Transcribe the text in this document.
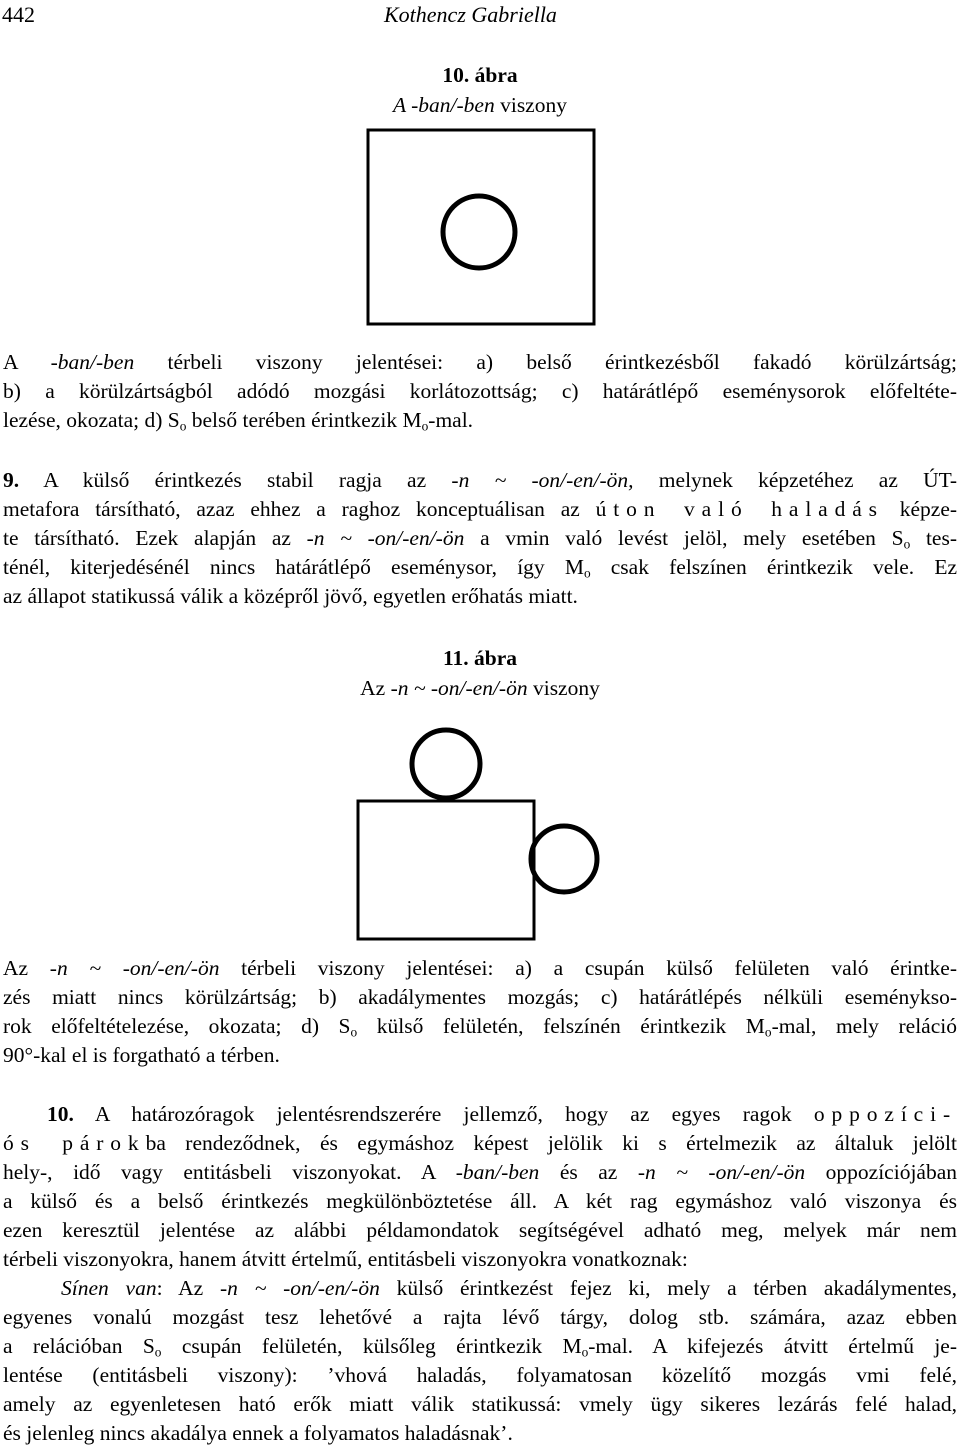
442	Kothencz Gabriella
10. ábra
A -ban/-ben viszony
A -ban/-ben térbeli viszony jelentései: a) belső érintkezésből fakadó körülzártság;
b) a körülzártságból adódó mozgási korlátozottság; c) határátlépő eseménysorok előfeltéte-
lezése, okozata; d) $S_o$ belső terében érintkezik $M_o$-mal.
9. A külső érintkezés stabil ragja az -n ~ -on/-en/-ön, melynek képzetéhez az ÚT-
metafora társítható, azaz ehhez a raghoz konceptuálisan az úton való haladás képze-
te társítható. Ezek alapján az -n ~ -on/-en/-ön a vmin való levést jelöl, mely esetében $S_o$ tes-
ténél, kiterjedésénél nincs határátlépő eseménysor, így $M_o$ csak felszínen érintkezik vele. Ez
az állapot statikussá válik a középről jövő, egyetlen erőhatás miatt.
11. ábra
Az -n ~ -on/-en/-ön viszony
Az -n ~ -on/-en/-ön térbeli viszony jelentései: a) a csupán külső felületen való érintke-
zés miatt nincs körülzártság; b) akadálymentes mozgás; c) határátlépés nélküli eseménykso-
rok előfeltételezése, okozata; d) $S_o$ külső felületén, felszínén érintkezik $M_o$-mal, mely reláció
90°-kal el is forgatható a térben.
10. A határozóragok jelentésrendszerére jellemző, hogy az egyes ragok oppozíci-
ós párokba rendeződnek, és egymáshoz képest jelölik ki s értelmezik az általuk jelölt
hely-, idő vagy entitásbeli viszonyokat. A -ban/-ben és az -n ~ -on/-en/-ön oppozíciójában
a külső és a belső érintkezés megkülönböztetése áll. A két rag egymáshoz való viszonya és
ezen keresztül jelentése az alábbi példamondatok segítségével adható meg, melyek már nem
térbeli viszonyokra, hanem átvitt értelmű, entitásbeli viszonyokra vonatkoznak:
Sínen van: Az -n ~ -on/-en/-ön külső érintkezést fejez ki, mely a térben akadálymentes,
egyenes vonalú mozgást tesz lehetővé a rajta lévő tárgy, dolog stb. számára, azaz ebben
a relációban $S_o$ csupán felületén, külsőleg érintkezik $M_o$-mal. A kifejezés átvitt értelmű je-
lentése (entitásbeli viszony): ’vhová haladás, folyamatosan közelítő mozgás vmi felé,
amely az egyenletesen ható erők miatt válik statikussá: vmely ügy sikeres lezárás felé halad,
és jelenleg nincs akadálya ennek a folyamatos haladásnak’.
